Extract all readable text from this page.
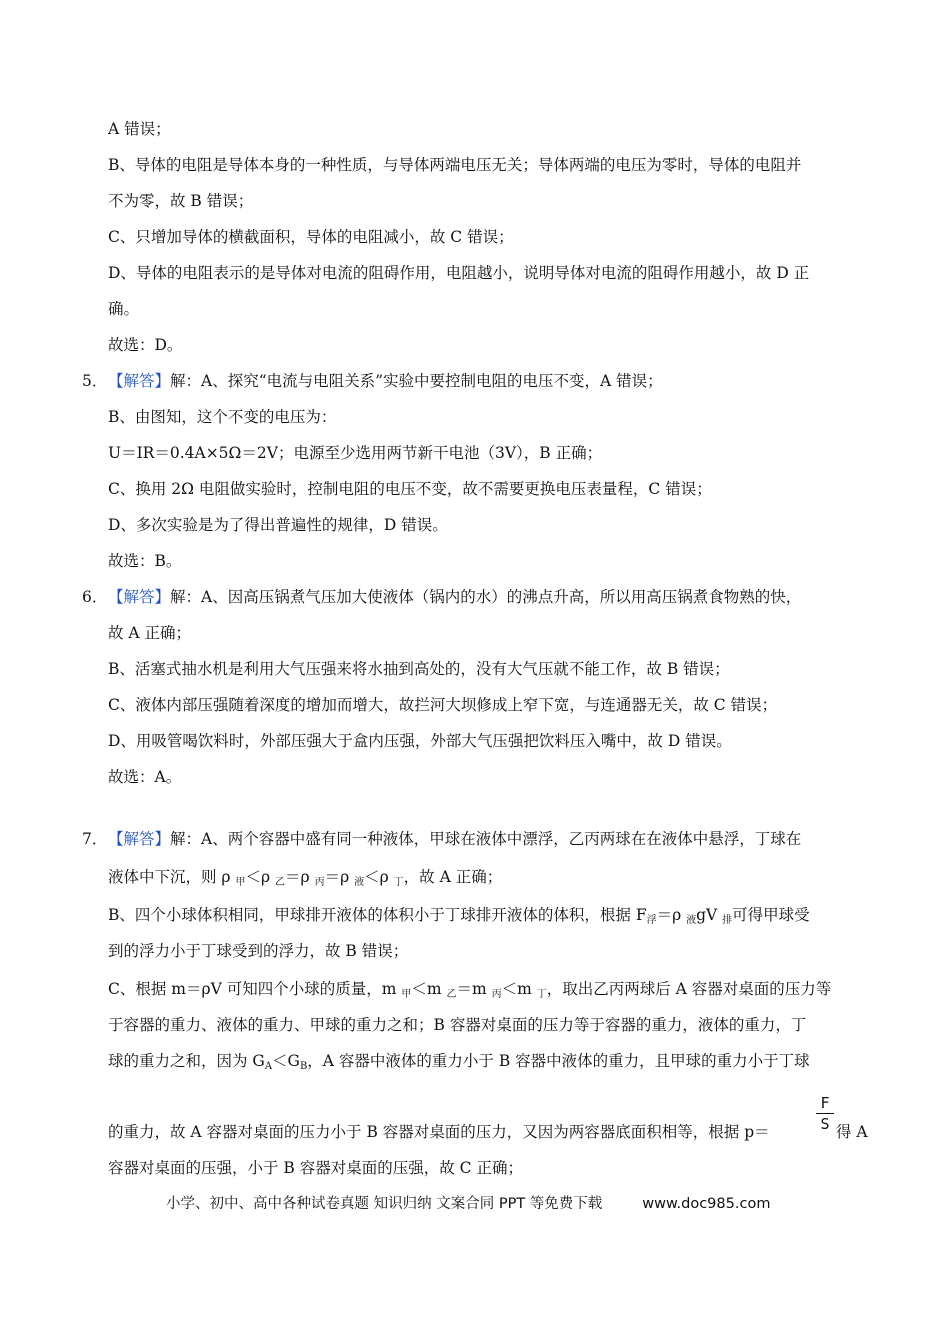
A 错误；
B、导体的电阻是导体本身的一种性质，与导体两端电压无关；导体两端的电压为零时，导体的电阻并
不为零，故 B 错误；
C、只增加导体的横截面积，导体的电阻减小，故 C 错误；
D、导体的电阻表示的是导体对电流的阻碍作用，电阻越小，说明导体对电流的阻碍作用越小，故 D 正
确。
故选：D。
5． 【解答】解：A、探究“电流与电阻关系”实验中要控制电阻的电压不变，A 错误；
B、由图知，这个不变的电压为：
U＝IR＝0.4A×5Ω＝2V；电源至少选用两节新干电池（3V），B 正确；
C、换用 2Ω 电阻做实验时，控制电阻的电压不变，故不需要更换电压表量程，C 错误；
D、多次实验是为了得出普遍性的规律，D 错误。
故选：B。
6． 【解答】解：A、因高压锅煮气压加大使液体（锅内的水）的沸点升高，所以用高压锅煮食物熟的快，
故 A 正确；
B、活塞式抽水机是利用大气压强来将水抽到高处的，没有大气压就不能工作，故 B 错误；
C、液体内部压强随着深度的增加而增大，故拦河大坝修成上窄下宽，与连通器无关，故 C 错误；
D、用吸管喝饮料时，外部压强大于盒内压强，外部大气压强把饮料压入嘴中，故 D 错误。
故选：A。
7． 【解答】解：A、两个容器中盛有同一种液体，甲球在液体中漂浮，乙丙两球在在液体中悬浮，丁球在
液体中下沉，则 ρ 甲＜ρ 乙＝ρ 丙＝ρ 液＜ρ 丁，故 A 正确；
B、四个小球体积相同，甲球排开液体的体积小于丁球排开液体的体积，根据 F浮＝ρ 液gV 排可得甲球受
到的浮力小于丁球受到的浮力，故 B 错误；
C、根据 m＝ρV 可知四个小球的质量，m 甲＜m 乙＝m 丙＜m 丁，取出乙丙两球后 A 容器对桌面的压力等
于容器的重力、液体的重力、甲球的重力之和；B 容器对桌面的压力等于容器的重力，液体的重力，丁
球的重力之和，因为 GA＜GB，A 容器中液体的重力小于 B 容器中液体的重力，且甲球的重力小于丁球
的重力，故 A 容器对桌面的压力小于 B 容器对桌面的压力，又因为两容器底面积相等，根据 p＝
F
S 得 A
容器对桌面的压强，小于 B 容器对桌面的压强，故 C 正确；
小学、初中、高中各种试卷真题 知识归纳 文案合同 PPT 等免费下载	www.doc985.com
